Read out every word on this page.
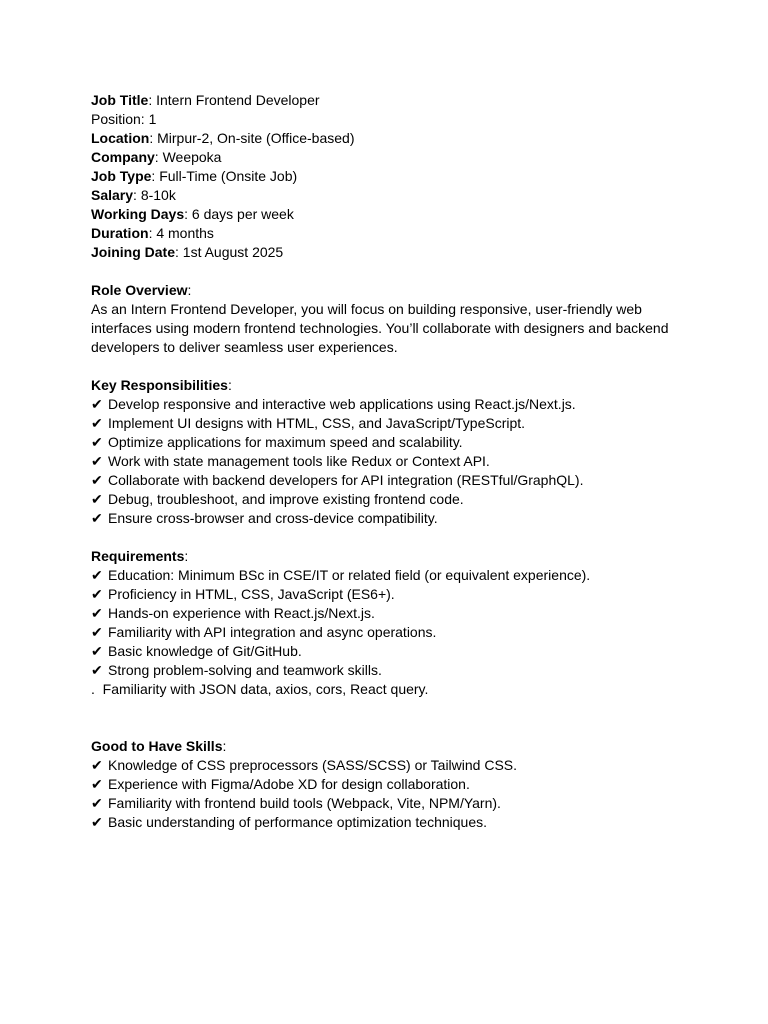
Job Title: Intern Frontend Developer
Position: 1
Location: Mirpur-2, On-site (Office-based)
Company: Weepoka
Job Type: Full-Time (Onsite Job)
Salary: 8-10k
Working Days: 6 days per week
Duration: 4 months
Joining Date: 1st August 2025
Role Overview:
As an Intern Frontend Developer, you will focus on building responsive, user-friendly web
interfaces using modern frontend technologies. You’ll collaborate with designers and backend
developers to deliver seamless user experiences.
Key Responsibilities:
✔ Develop responsive and interactive web applications using React.js/Next.js.
✔ Implement UI designs with HTML, CSS, and JavaScript/TypeScript.
✔ Optimize applications for maximum speed and scalability.
✔ Work with state management tools like Redux or Context API.
✔ Collaborate with backend developers for API integration (RESTful/GraphQL).
✔ Debug, troubleshoot, and improve existing frontend code.
✔ Ensure cross-browser and cross-device compatibility.
Requirements:
✔ Education: Minimum BSc in CSE/IT or related field (or equivalent experience).
✔ Proficiency in HTML, CSS, JavaScript (ES6+).
✔ Hands-on experience with React.js/Next.js.
✔ Familiarity with API integration and async operations.
✔ Basic knowledge of Git/GitHub.
✔ Strong problem-solving and teamwork skills.
.  Familiarity with JSON data, axios, cors, React query.
Good to Have Skills:
✔ Knowledge of CSS preprocessors (SASS/SCSS) or Tailwind CSS.
✔ Experience with Figma/Adobe XD for design collaboration.
✔ Familiarity with frontend build tools (Webpack, Vite, NPM/Yarn).
✔ Basic understanding of performance optimization techniques.
